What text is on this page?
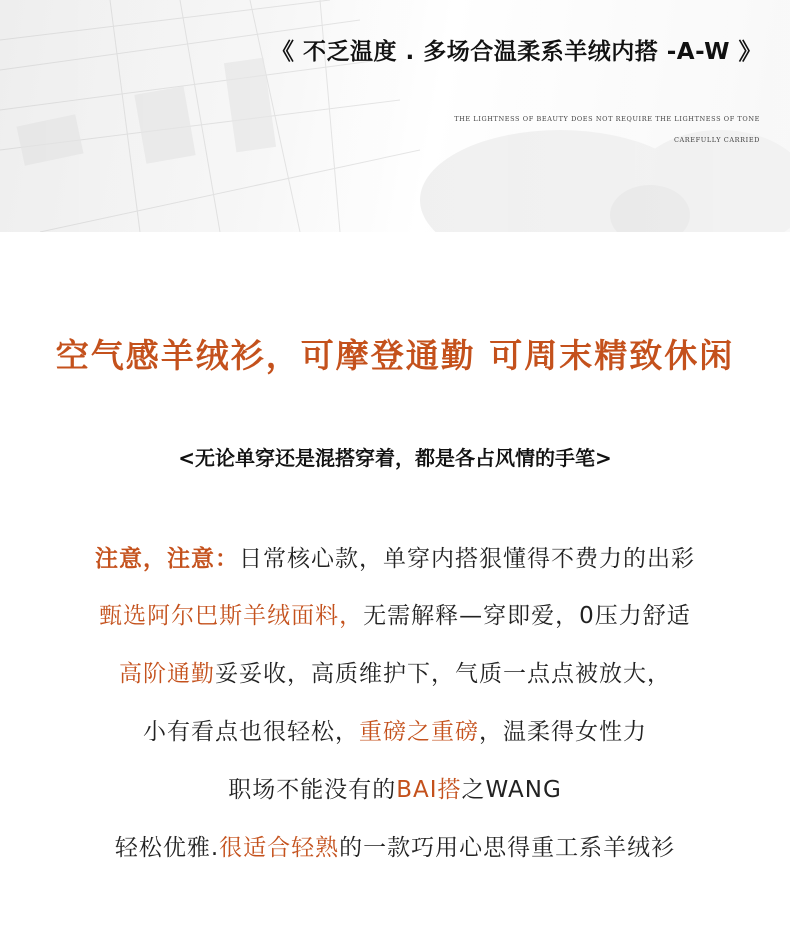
《 不乏温度 . 多场合温柔系羊绒内搭 -A-W 》
THE LIGHTNESS OF BEAUTY DOES NOT REQUIRE THE LIGHTNESS OF TONE
CAREFULLY CARRIED
空气感羊绒衫，可摩登通勤 可周末精致休闲
<无论单穿还是混搭穿着，都是各占风情的手笔>
注意，注意：日常核心款，单穿内搭狠懂得不费力的出彩
甄选阿尔巴斯羊绒面料，无需解释—穿即爱，0压力舒适
高阶通勤妥妥收，高质维护下，气质一点点被放大，
小有看点也很轻松，重磅之重磅，温柔得女性力
职场不能没有的BAI搭之WANG
轻松优雅.很适合轻熟的一款巧用心思得重工系羊绒衫
